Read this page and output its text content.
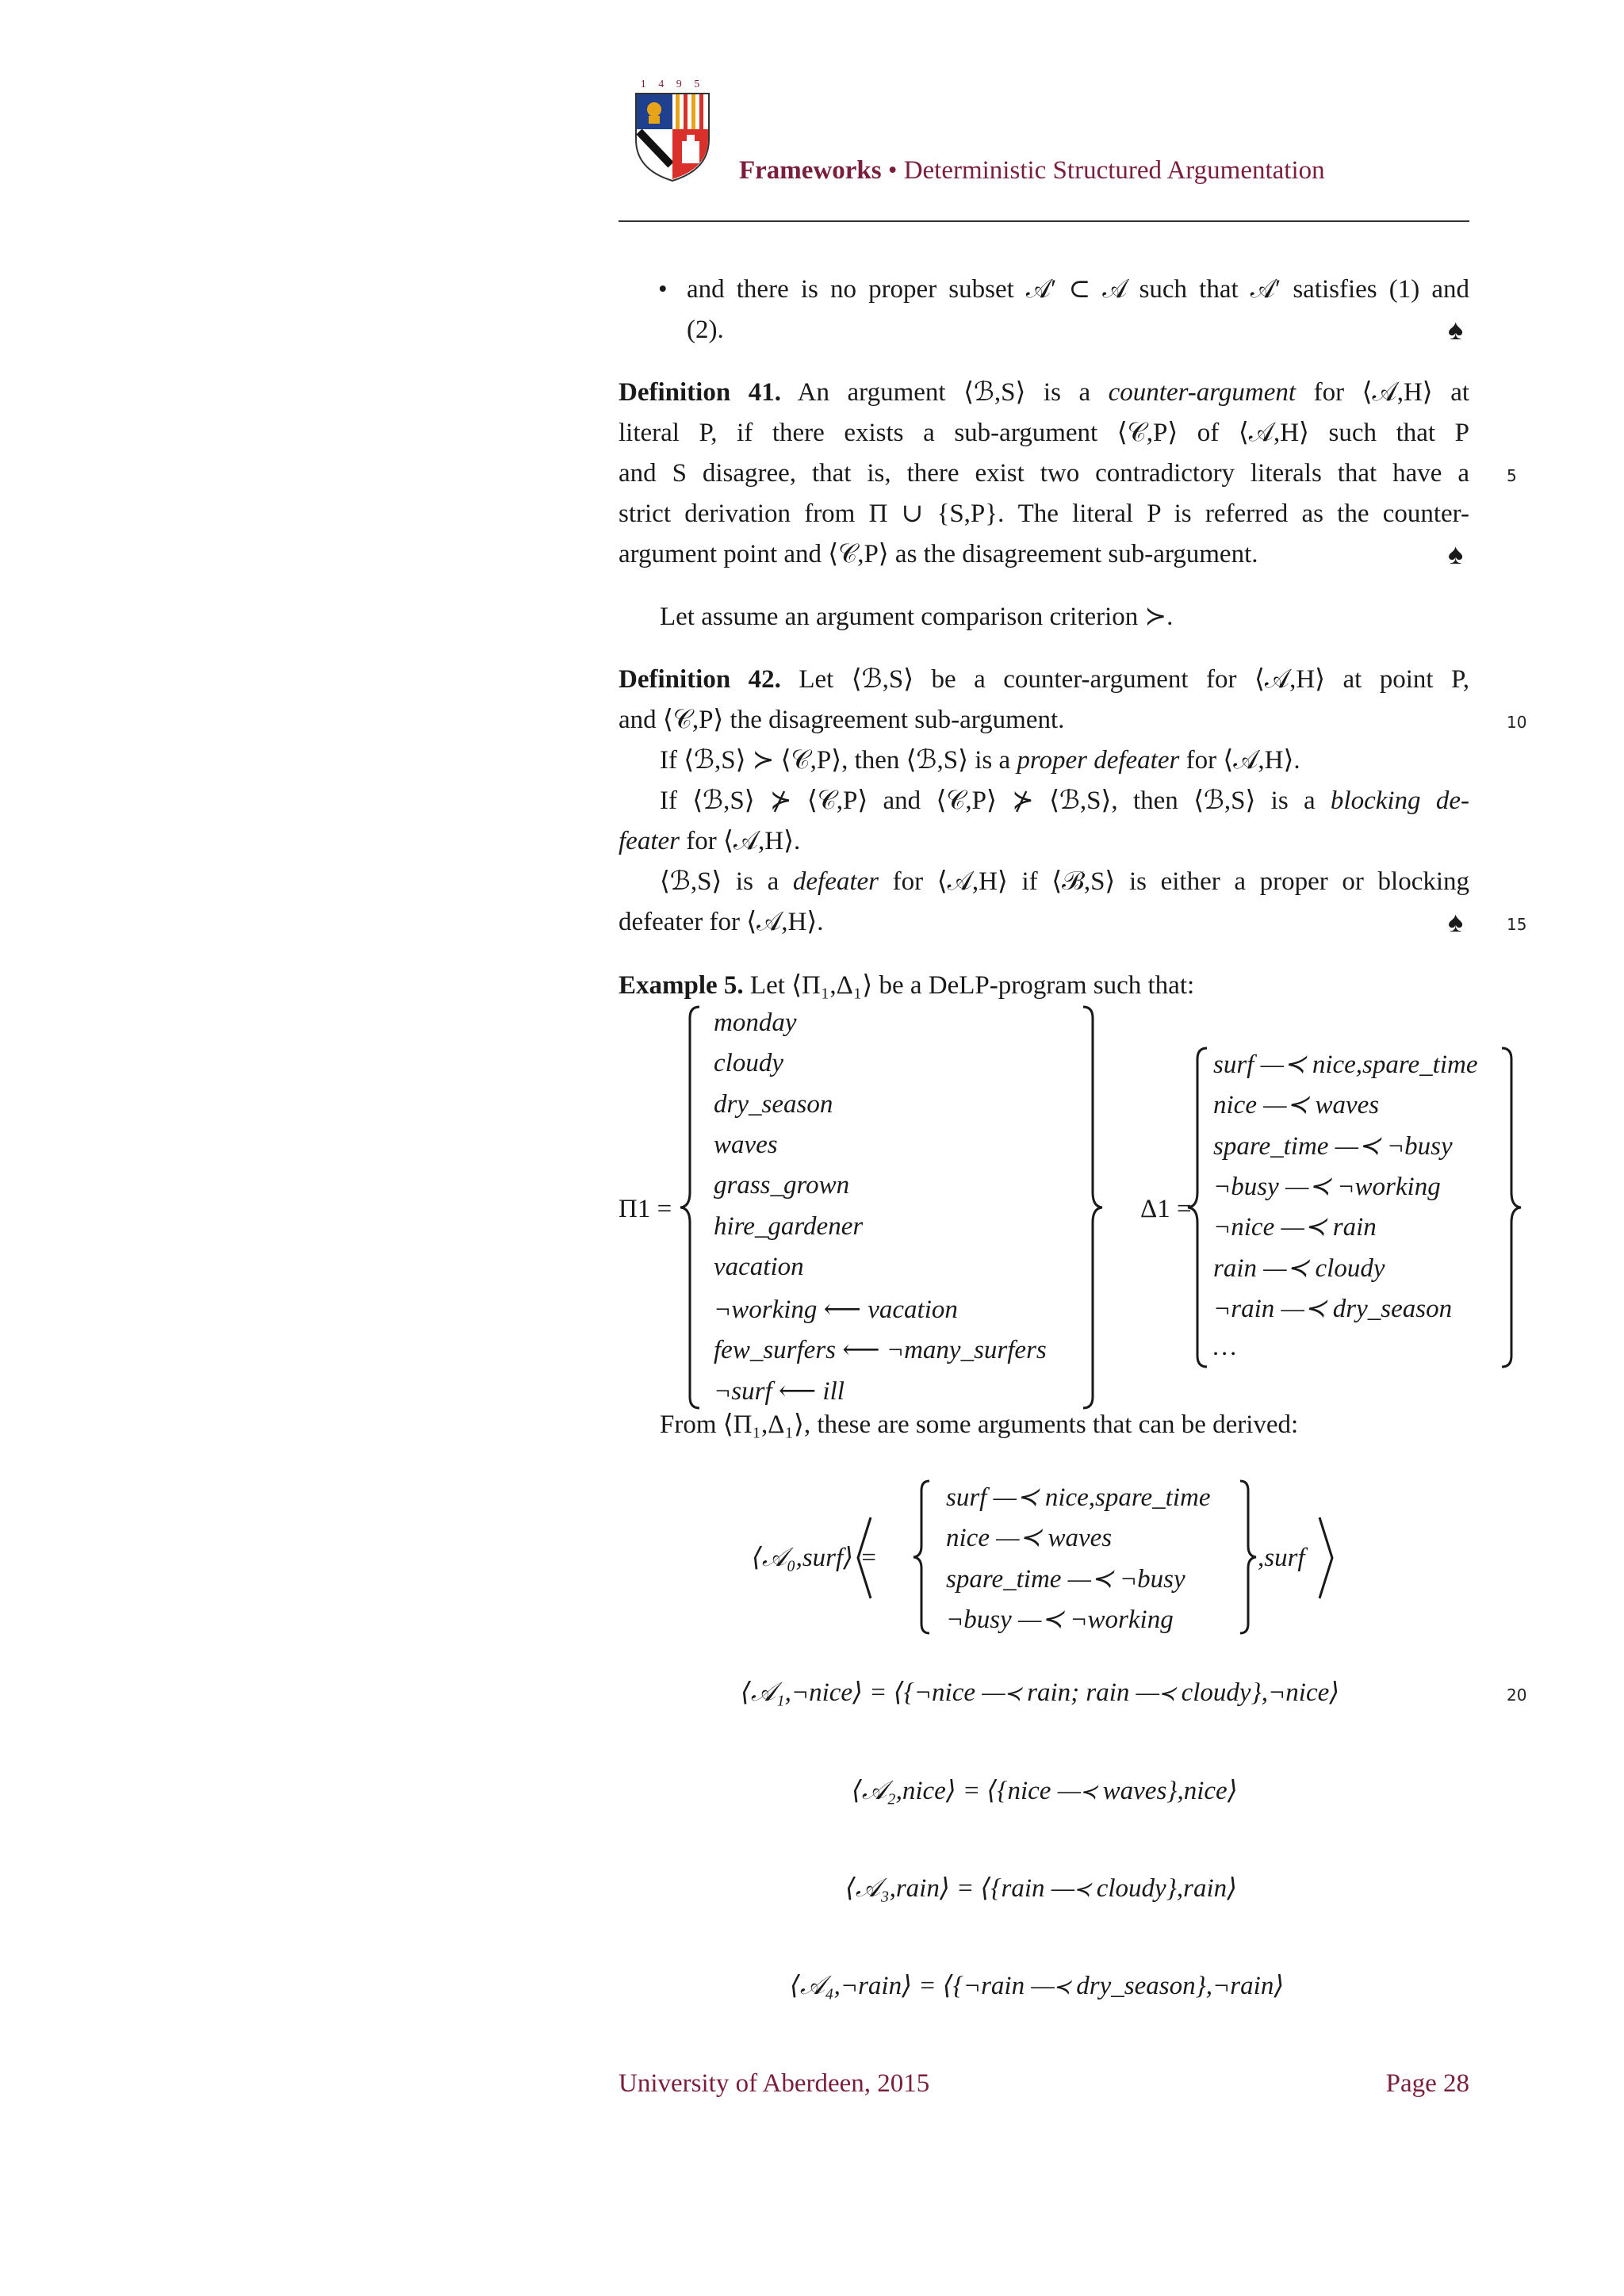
1 4 9 5
Frameworks • Deterministic Structured Argumentation
• and there is no proper subset 𝒜′ ⊂ 𝒜 such that 𝒜′ satisfies (1) and
(2).	♠
Definition 41. An argument ⟨ℬ,S⟩ is a counter-argument for ⟨𝒜,H⟩ at
literal P, if there exists a sub-argument ⟨𝒞,P⟩ of ⟨𝒜,H⟩ such that P
and S disagree, that is, there exist two contradictory literals that have a 5
strict derivation from Π ∪ {S,P}. The literal P is referred as the counter-
argument point and ⟨𝒞,P⟩ as the disagreement sub-argument.	♠
Let assume an argument comparison criterion ≻.
Definition 42. Let ⟨ℬ,S⟩ be a counter-argument for ⟨𝒜,H⟩ at point P,
and ⟨𝒞,P⟩ the disagreement sub-argument.	10
If ⟨ℬ,S⟩ ≻ ⟨𝒞,P⟩, then ⟨ℬ,S⟩ is a proper defeater for ⟨𝒜,H⟩.
If ⟨ℬ,S⟩ ⊁ ⟨𝒞,P⟩ and ⟨𝒞,P⟩ ⊁ ⟨ℬ,S⟩, then ⟨ℬ,S⟩ is a blocking de-
feater for ⟨𝒜,H⟩.
⟨ℬ,S⟩ is a defeater for ⟨𝒜,H⟩ if ⟨ℬ,S⟩ is either a proper or blocking
defeater for ⟨𝒜,H⟩.	♠	15
Example 5. Let ⟨Π₁,Δ₁⟩ be a DeLP-program such that:
Π1 =
monday
cloudy
dry_season
waves
grass_grown
hire_gardener
vacation
¬working ⟵ vacation
few_surfers ⟵ ¬many_surfers
¬surf ⟵ ill
Δ1 =
surf —≺ nice,spare_time
nice —≺ waves
spare_time —≺ ¬busy
¬busy —≺ ¬working
¬nice —≺ rain
rain —≺ cloudy
¬rain —≺ dry_season
…
From ⟨Π₁,Δ₁⟩, these are some arguments that can be derived:
⟨𝒜₀,surf⟩ =
surf —≺ nice,spare_time
nice —≺ waves
spare_time —≺ ¬busy
¬busy —≺ ¬working
,surf
⟨𝒜₁,¬nice⟩ = ⟨{¬nice —≺ rain; rain —≺ cloudy},¬nice⟩	20
⟨𝒜₂,nice⟩ = ⟨{nice —≺ waves},nice⟩
⟨𝒜₃,rain⟩ = ⟨{rain —≺ cloudy},rain⟩
⟨𝒜₄,¬rain⟩ = ⟨{¬rain —≺ dry_season},¬rain⟩
University of Aberdeen, 2015	Page 28
